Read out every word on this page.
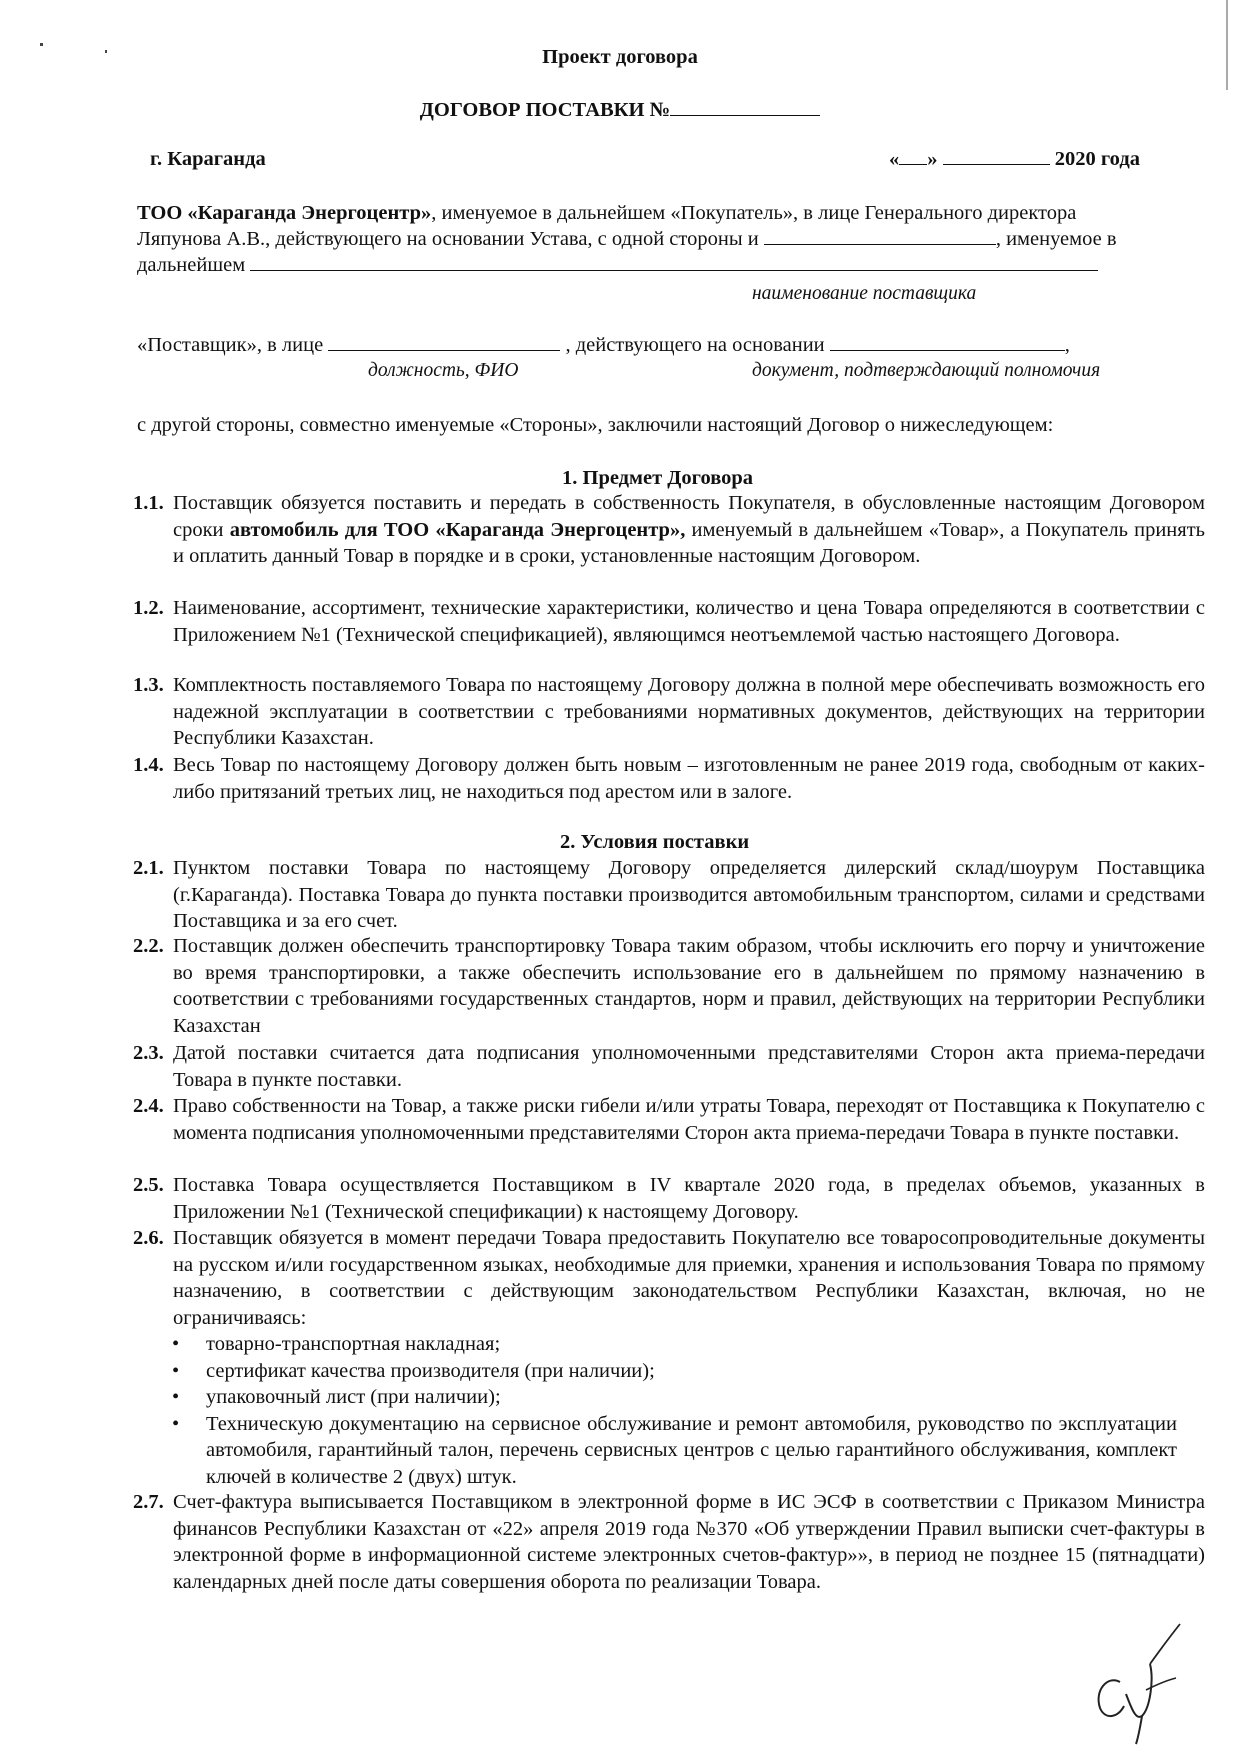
Проект договора
ДОГОВОР ПОСТАВКИ №
г. Караганда	« »	2020 года
ТОО «Караганда Энергоцентр», именуемое в дальнейшем «Покупатель», в лице Генерального директора
Ляпунова А.В., действующего на основании Устава, с одной стороны и	, именуемое в
дальнейшем
наименование поставщика
«Поставщик», в лице	, действующего на основании	,
должность, ФИО	документ, подтверждающий полномочия
с другой стороны, совместно именуемые «Стороны», заключили настоящий Договор о нижеследующем:
1. Предмет Договора
1.1. Поставщик обязуется поставить и передать в собственность Покупателя, в обусловленные настоящим Договором сроки автомобиль для ТОО «Караганда Энергоцентр», именуемый в дальнейшем «Товар», а Покупатель принять и оплатить данный Товар в порядке и в сроки, установленные настоящим Договором.
1.2. Наименование, ассортимент, технические характеристики, количество и цена Товара определяются в соответствии с Приложением №1 (Технической спецификацией), являющимся неотъемлемой частью настоящего Договора.
1.3. Комплектность поставляемого Товара по настоящему Договору должна в полной мере обеспечивать возможность его надежной эксплуатации в соответствии с требованиями нормативных документов, действующих на территории Республики Казахстан.
1.4. Весь Товар по настоящему Договору должен быть новым – изготовленным не ранее 2019 года, свободным от каких-либо притязаний третьих лиц, не находиться под арестом или в залоге.
2. Условия поставки
2.1. Пунктом поставки Товара по настоящему Договору определяется дилерский склад/шоурум Поставщика (г.Караганда). Поставка Товара до пункта поставки производится автомобильным транспортом, силами и средствами Поставщика и за его счет.
2.2. Поставщик должен обеспечить транспортировку Товара таким образом, чтобы исключить его порчу и уничтожение во время транспортировки, а также обеспечить использование его в дальнейшем по прямому назначению в соответствии с требованиями государственных стандартов, норм и правил, действующих на территории Республики Казахстан
2.3. Датой поставки считается дата подписания уполномоченными представителями Сторон акта приема-передачи Товара в пункте поставки.
2.4. Право собственности на Товар, а также риски гибели и/или утраты Товара, переходят от Поставщика к Покупателю с момента подписания уполномоченными представителями Сторон акта приема-передачи Товара в пункте поставки.
2.5. Поставка Товара осуществляется Поставщиком в IV квартале 2020 года, в пределах объемов, указанных в Приложении №1 (Технической спецификации) к настоящему Договору.
2.6. Поставщик обязуется в момент передачи Товара предоставить Покупателю все товаросопроводительные документы на русском и/или государственном языках, необходимые для приемки, хранения и использования Товара по прямому назначению, в соответствии с действующим законодательством Республики Казахстан, включая, но не ограничиваясь:
• товарно-транспортная накладная;
• сертификат качества производителя (при наличии);
• упаковочный лист (при наличии);
• Техническую документацию на сервисное обслуживание и ремонт автомобиля, руководство по эксплуатации автомобиля, гарантийный талон, перечень сервисных центров с целью гарантийного обслуживания, комплект ключей в количестве 2 (двух) штук.
2.7. Счет-фактура выписывается Поставщиком в электронной форме в ИС ЭСФ в соответствии с Приказом Министра финансов Республики Казахстан от «22» апреля 2019 года №370 «Об утверждении Правил выписки счет-фактуры в электронной форме в информационной системе электронных счетов-фактур»», в период не позднее 15 (пятнадцати) календарных дней после даты совершения оборота по реализации Товара.
